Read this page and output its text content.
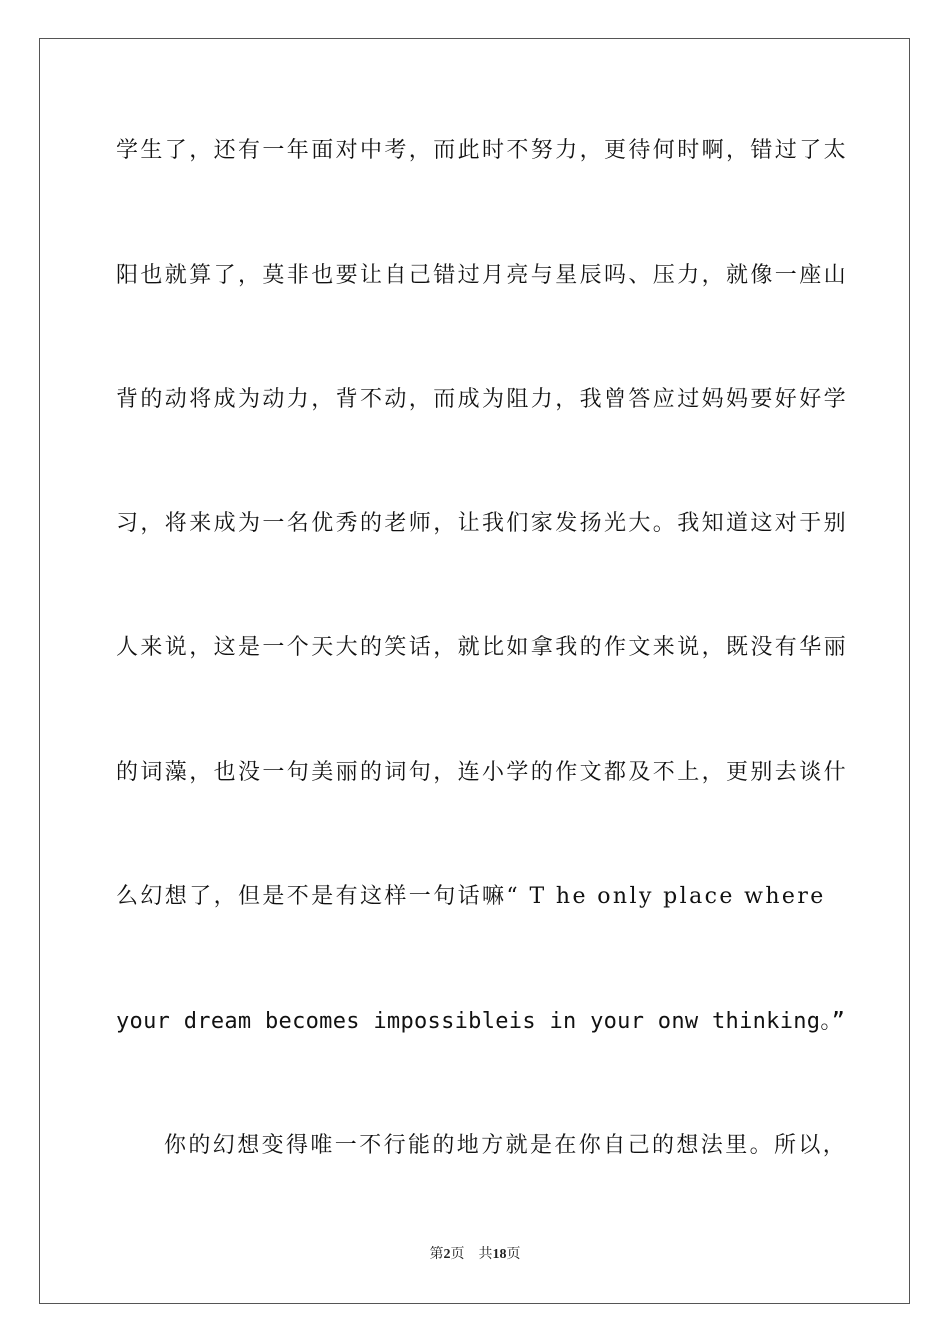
学生了，还有一年面对中考，而此时不努力，更待何时啊，错过了太
阳也就算了，莫非也要让自己错过月亮与星辰吗、压力，就像一座山
背的动将成为动力，背不动，而成为阻力，我曾答应过妈妈要好好学
习，将来成为一名优秀的老师，让我们家发扬光大。我知道这对于别
人来说，这是一个天大的笑话，就比如拿我的作文来说，既没有华丽
的词藻，也没一句美丽的词句，连小学的作文都及不上，更别去谈什
么幻想了，但是不是有这样一句话嘛“ T he only place where
your dream becomes impossibleis in your onw thinking。”
你的幻想变得唯一不行能的地方就是在你自己的想法里。所以，
第2页 共18页
